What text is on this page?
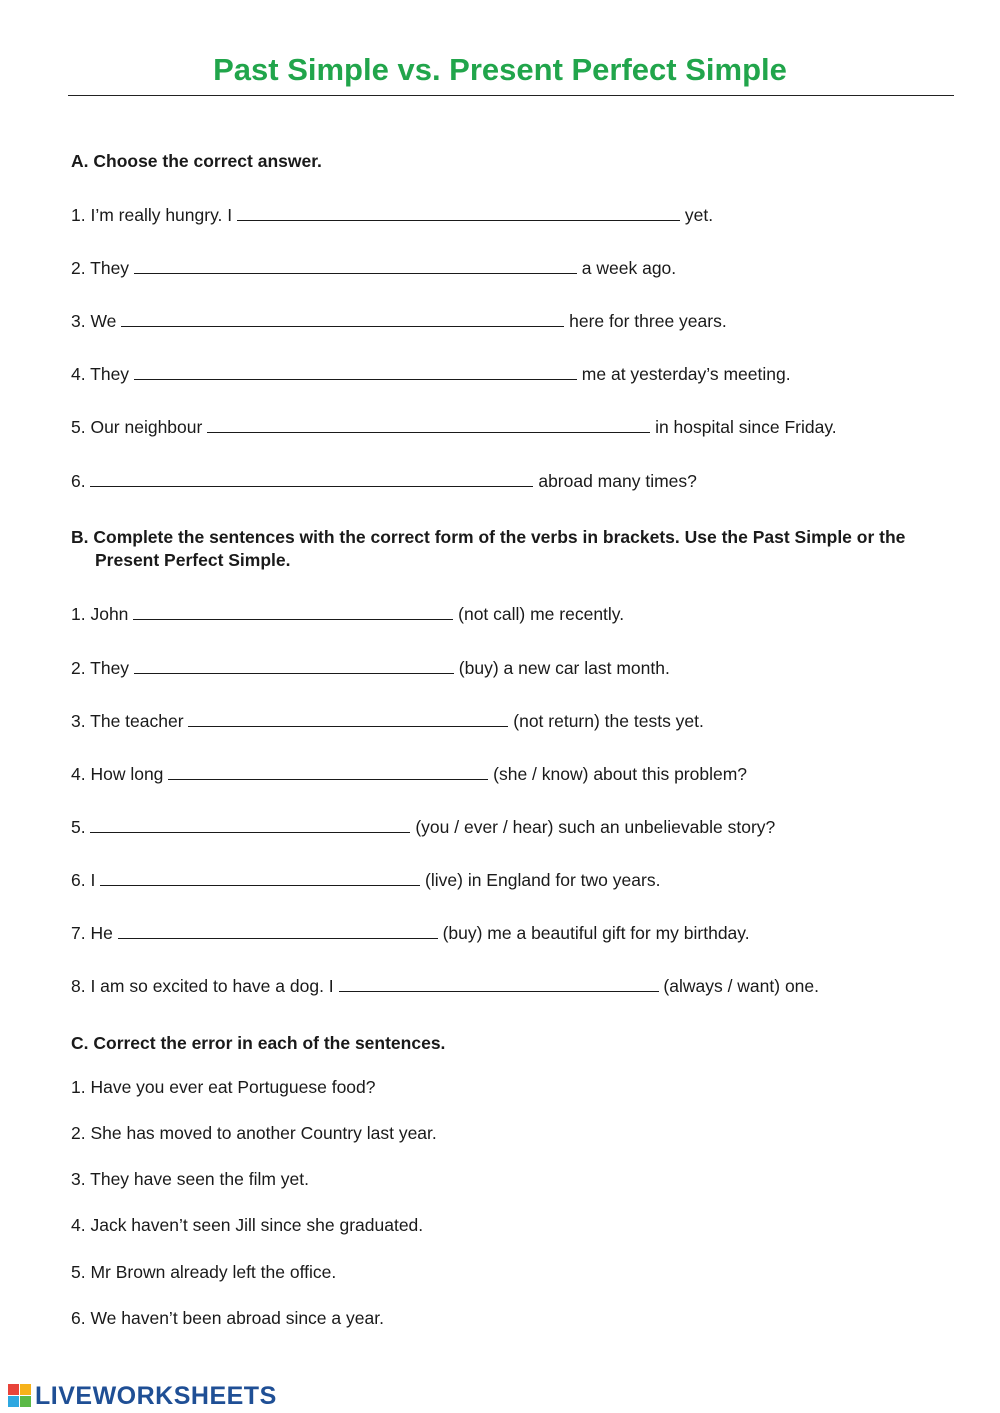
Past Simple vs. Present Perfect Simple
A. Choose the correct answer.
1. I’m really hungry. I	yet.
2. They	a week ago.
3. We	here for three years.
4. They	me at yesterday’s meeting.
5. Our neighbour	in hospital since Friday.
6.	abroad many times?
B. Complete the sentences with the correct form of the verbs in brackets. Use the Past Simple or the
Present Perfect Simple.
1. John	(not call) me recently.
2. They	(buy) a new car last month.
3. The teacher	(not return) the tests yet.
4. How long	(she / know) about this problem?
5.	(you / ever / hear) such an unbelievable story?
6. I	(live) in England for two years.
7. He	(buy) me a beautiful gift for my birthday.
8. I am so excited to have a dog. I	(always / want) one.
C. Correct the error in each of the sentences.
1. Have you ever eat Portuguese food?
2. She has moved to another Country last year.
3. They have seen the film yet.
4. Jack haven’t seen Jill since she graduated.
5. Mr Brown already left the office.
6. We haven’t been abroad since a year.
LIVEWORKSHEETS
